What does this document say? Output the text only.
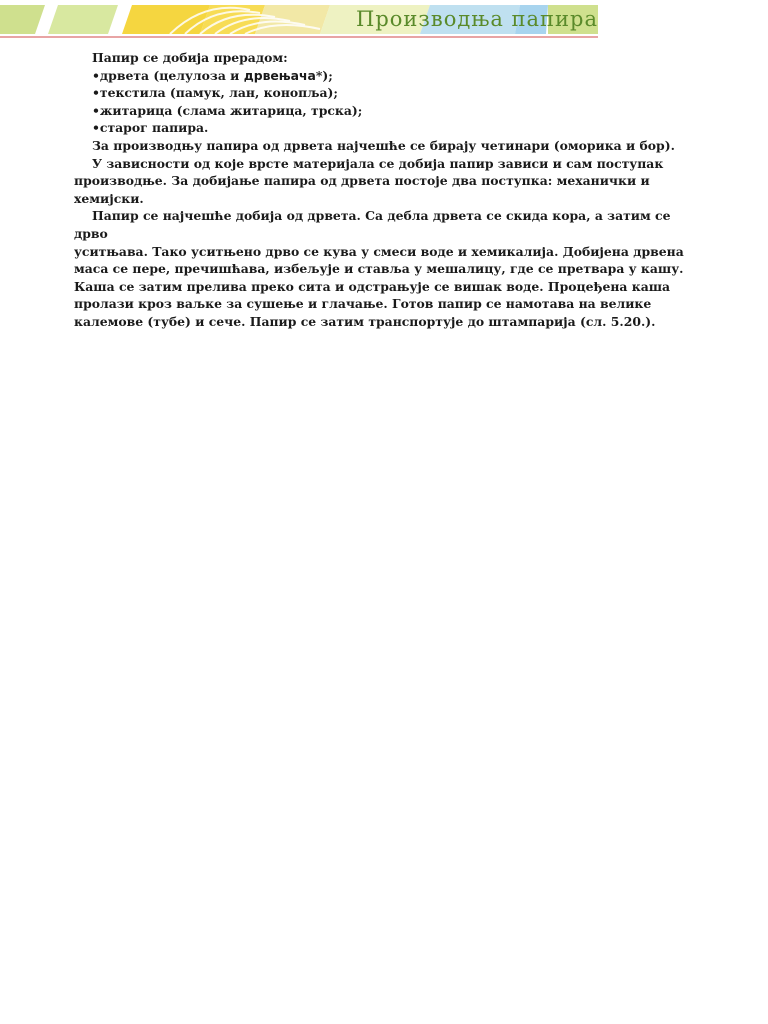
Производња папира

Папир се добија прерадом:

•дрвета (целулоза и дрвењача*);

•текстила (памук, лан, конопља);

•житарица (слама житарица, трска);

•старог папира.

За производњу папира од дрвета најчешће се бирају четинари (оморика и бор).

У зависности од које врсте материјала се добија папир зависи и сам поступак

производње. За добијање папира од дрвета постоје два поступка: механички и

хемијски.

Папир се најчешће добија од дрвета. Са дебла дрвета се скида кора, а затим се дрво

уситњава. Тако уситњено дрво се кува у смеси воде и хемикалија. Добијена дрвена

маса се пере, пречишћава, избељује и ставља у мешалицу, где се претвара у кашу.

Каша се затим прелива преко сита и одстрањује се вишак воде. Процеђена каша

пролази кроз ваљке за сушење и глачање. Готов папир се намотава на велике

калемове (тубе) и сече. Папир се затим транспортује до штампарија (сл. 5.20.).
